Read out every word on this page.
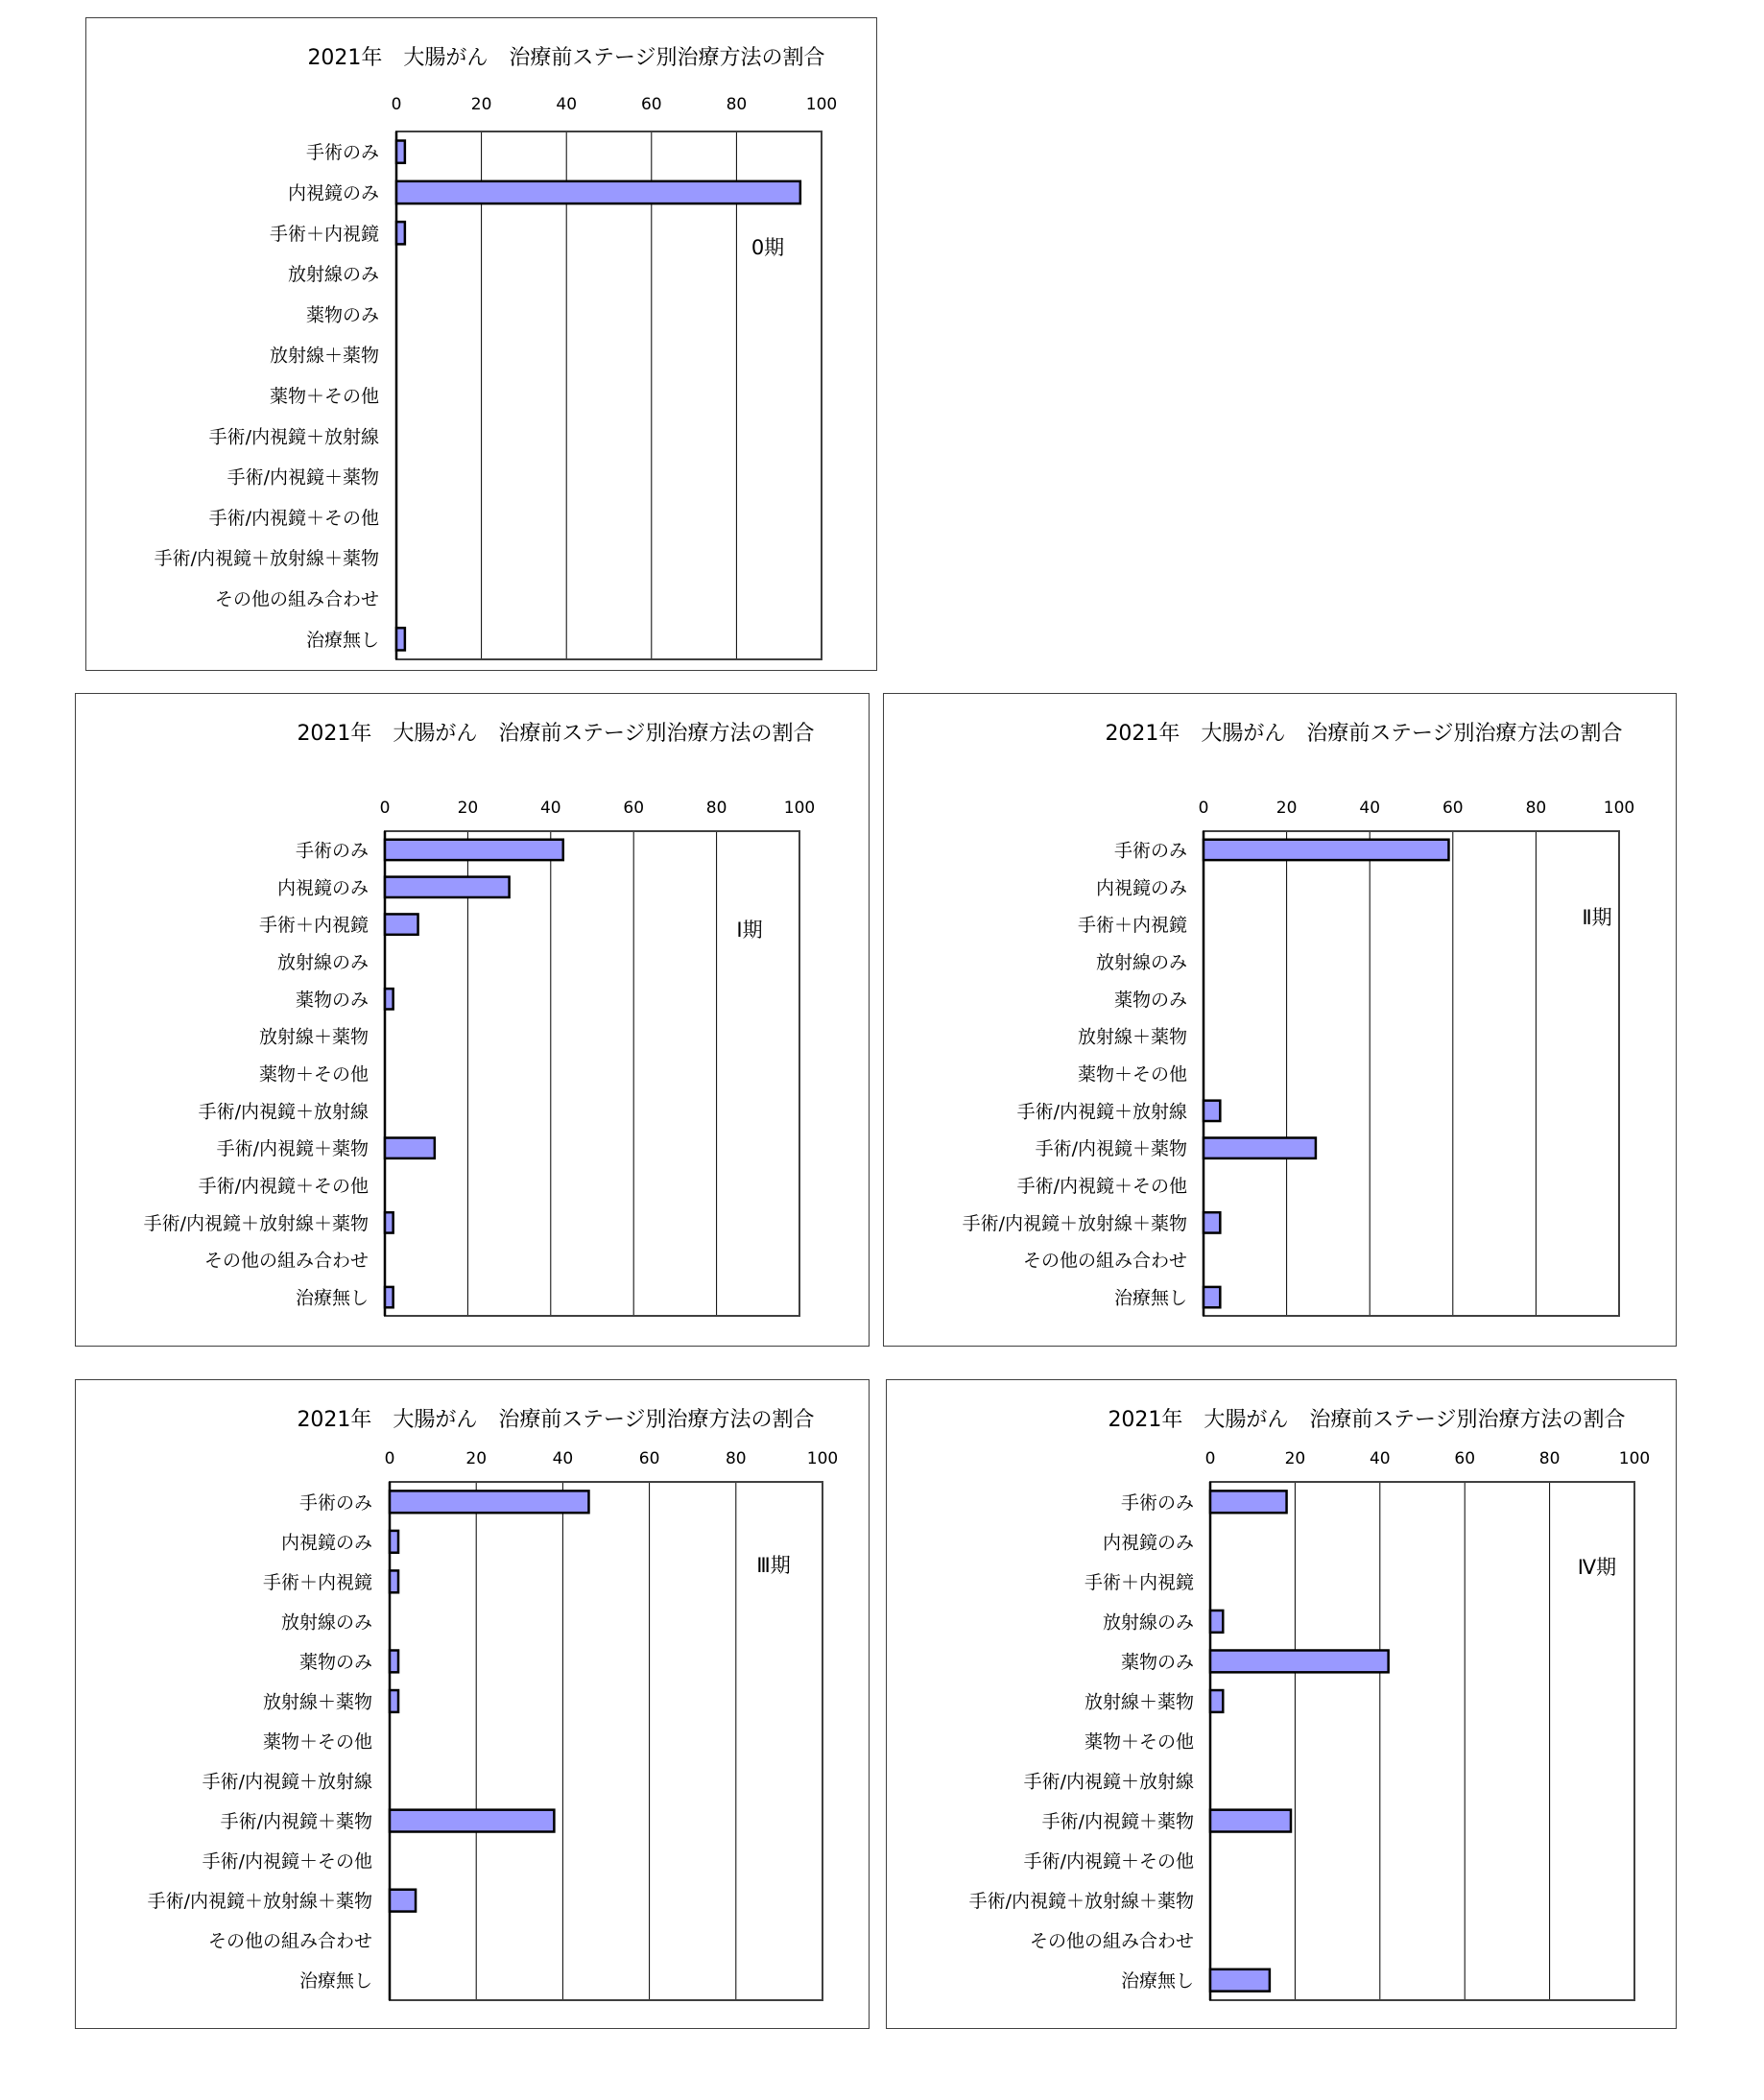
2021年　大腸がん　治療前ステージ別治療方法の割合
0	20	40	60	80	100
手術のみ
内視鏡のみ
手術＋内視鏡
放射線のみ
薬物のみ
放射線＋薬物
薬物＋その他
手術/内視鏡＋放射線
手術/内視鏡＋薬物
手術/内視鏡＋その他
手術/内視鏡＋放射線＋薬物
その他の組み合わせ
治療無し
0期
2021年　大腸がん　治療前ステージ別治療方法の割合
0	20	40	60	80	100
手術のみ
内視鏡のみ
手術＋内視鏡
放射線のみ
薬物のみ
放射線＋薬物
薬物＋その他
手術/内視鏡＋放射線
手術/内視鏡＋薬物
手術/内視鏡＋その他
手術/内視鏡＋放射線＋薬物
その他の組み合わせ
治療無し
Ⅰ期
2021年　大腸がん　治療前ステージ別治療方法の割合
0	20	40	60	80	100
手術のみ
内視鏡のみ
手術＋内視鏡
放射線のみ
薬物のみ
放射線＋薬物
薬物＋その他
手術/内視鏡＋放射線
手術/内視鏡＋薬物
手術/内視鏡＋その他
手術/内視鏡＋放射線＋薬物
その他の組み合わせ
治療無し
Ⅱ期
2021年　大腸がん　治療前ステージ別治療方法の割合
0	20	40	60	80	100
手術のみ
内視鏡のみ
手術＋内視鏡
放射線のみ
薬物のみ
放射線＋薬物
薬物＋その他
手術/内視鏡＋放射線
手術/内視鏡＋薬物
手術/内視鏡＋その他
手術/内視鏡＋放射線＋薬物
その他の組み合わせ
治療無し
Ⅲ期
2021年　大腸がん　治療前ステージ別治療方法の割合
0	20	40	60	80	100
手術のみ
内視鏡のみ
手術＋内視鏡
放射線のみ
薬物のみ
放射線＋薬物
薬物＋その他
手術/内視鏡＋放射線
手術/内視鏡＋薬物
手術/内視鏡＋その他
手術/内視鏡＋放射線＋薬物
その他の組み合わせ
治療無し
Ⅳ期
